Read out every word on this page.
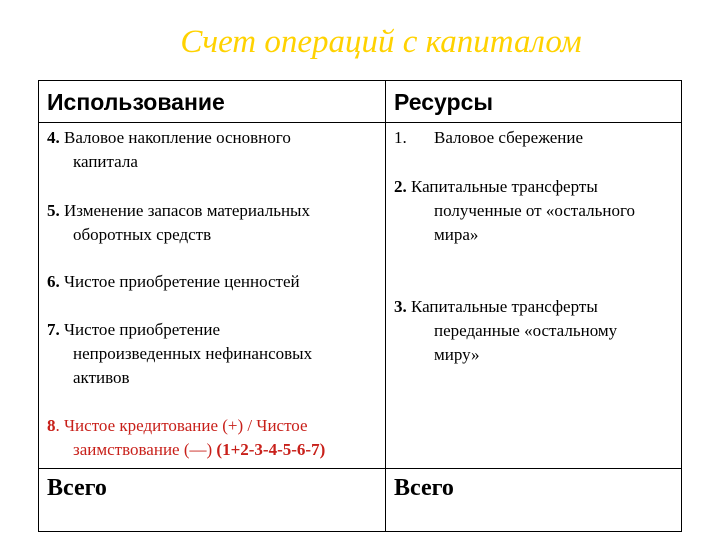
Счет операций с капиталом
Использование	Ресурсы
4. Валовое накопление основного
капитала
5. Изменение запасов материальных
оборотных средств
6. Чистое приобретение ценностей
7. Чистое приобретение
непроизведенных нефинансовых
активов
8. Чистое кредитование (+) / Чистое
заимствование (—) (1+2-3-4-5-6-7)
1. Валовое сбережение
2. Капитальные трансферты
полученные от «остального
мира»
3. Капитальные трансферты
переданные «остальному
миру»
Всего	Всего
